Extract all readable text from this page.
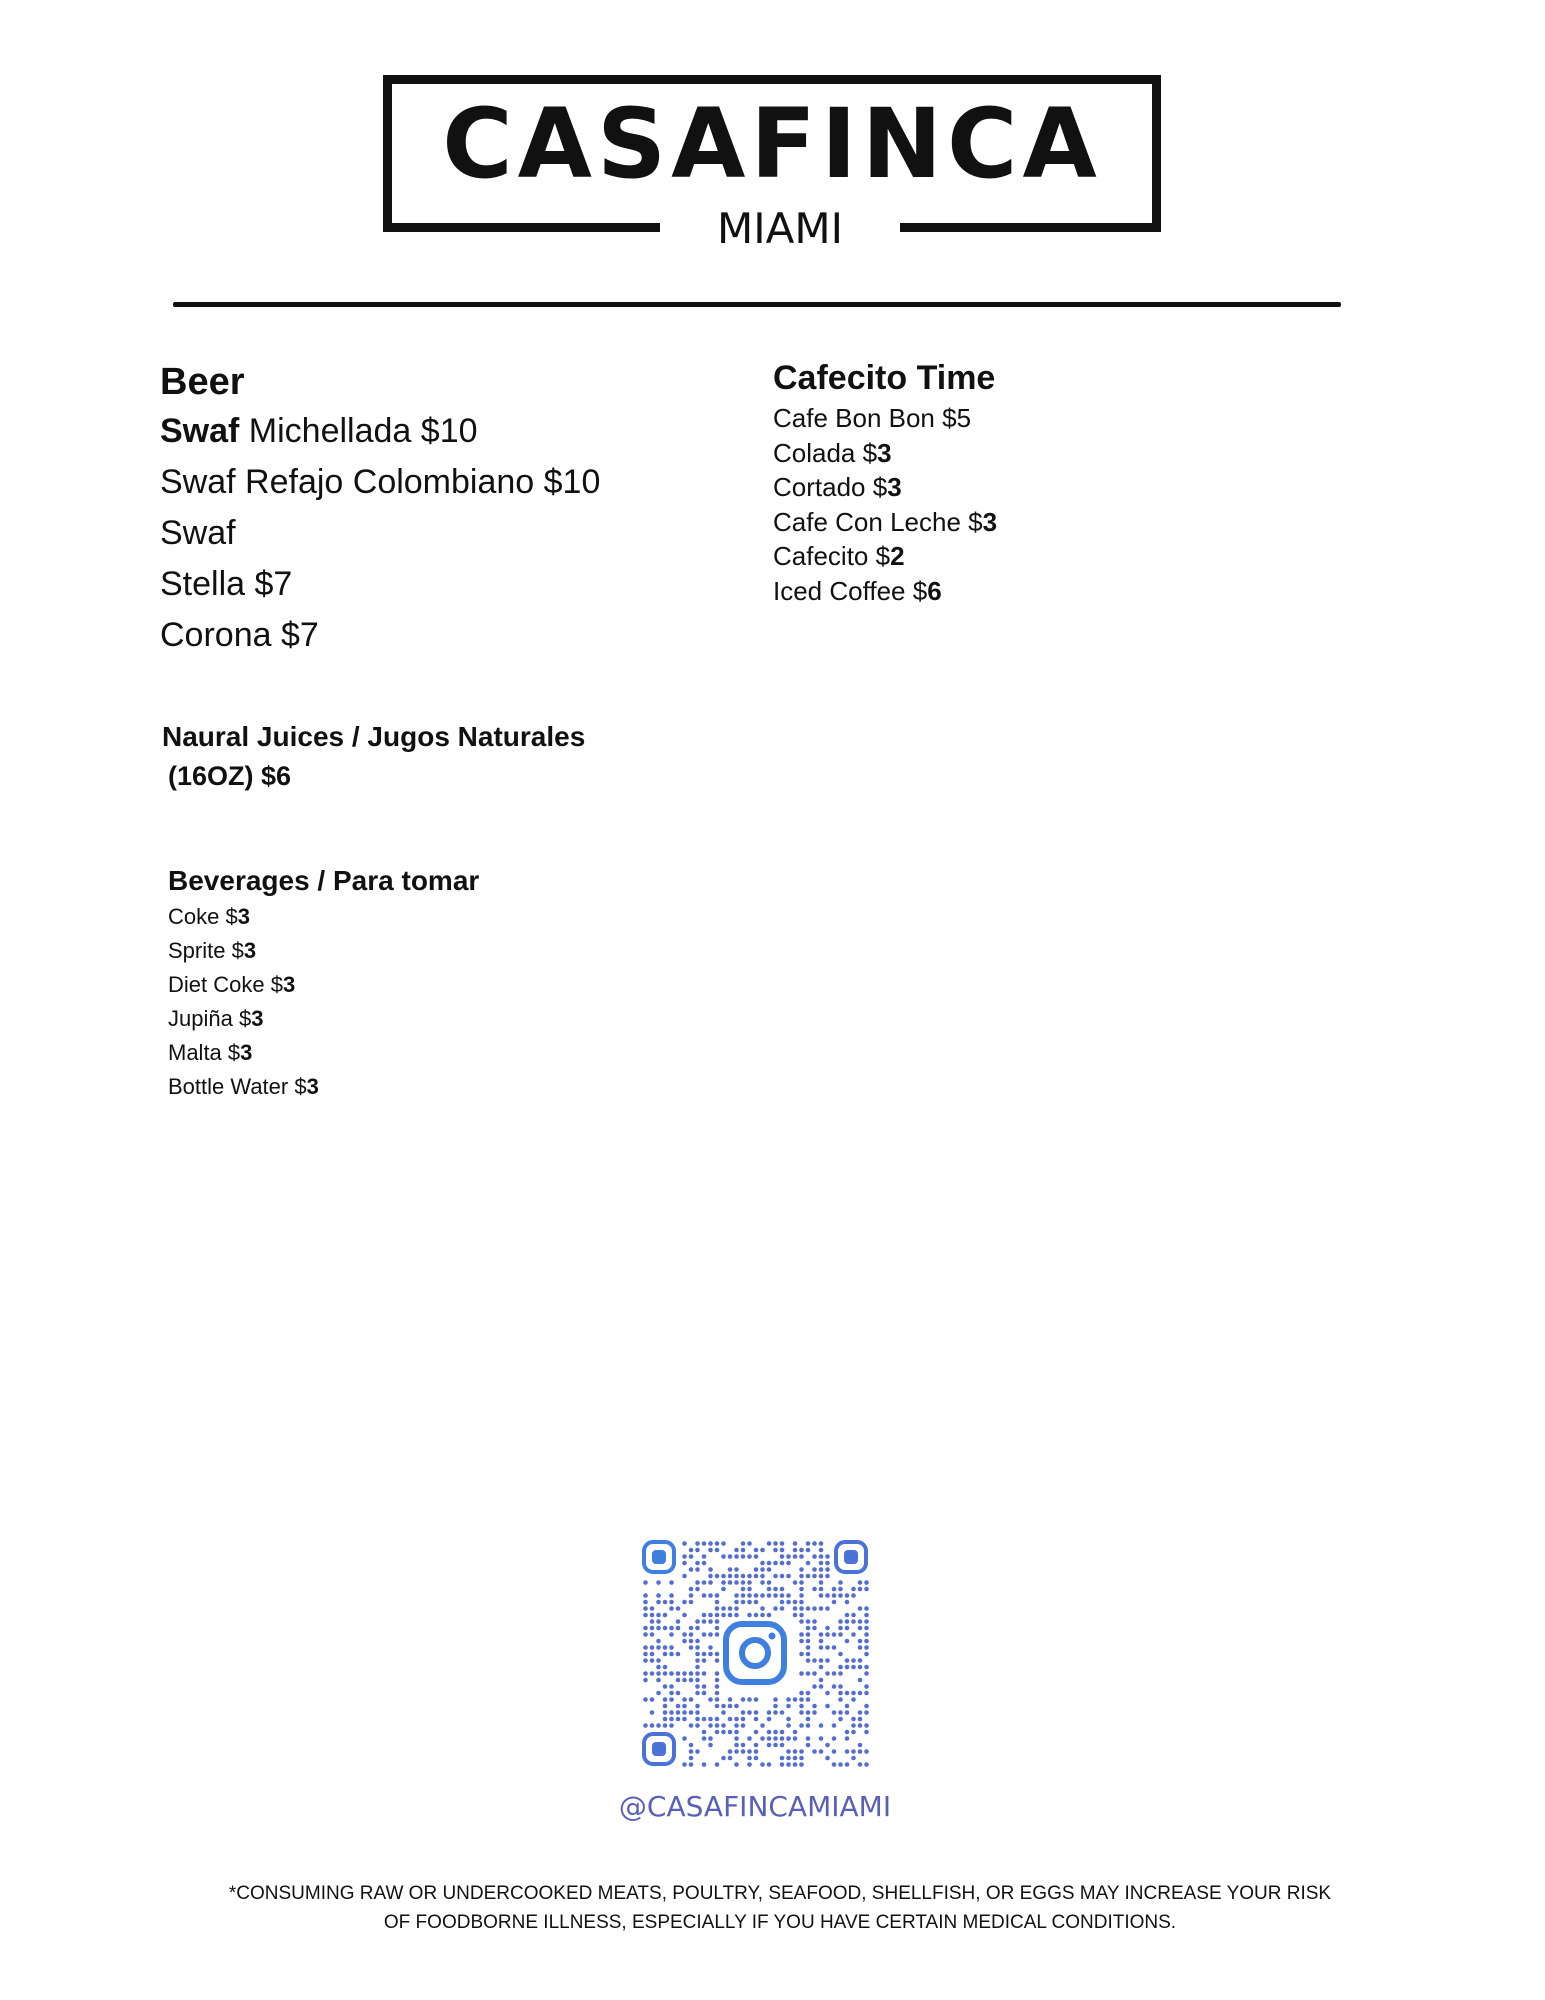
CASAFINCA
MIAMI
Beer
Swaf Michellada $10
Swaf Refajo Colombiano $10
Swaf
Stella $7
Corona $7
Naural Juices / Jugos Naturales
(16OZ) $6
Beverages / Para tomar
Coke $3
Sprite $3
Diet Coke $3
Jupiña $3
Malta $3
Bottle Water $3
Cafecito Time
Cafe Bon Bon $5
Colada $3
Cortado $3
Cafe Con Leche $3
Cafecito $2
Iced Coffee $6
@CASAFINCAMIAMI
*CONSUMING RAW OR UNDERCOOKED MEATS, POULTRY, SEAFOOD, SHELLFISH, OR EGGS MAY INCREASE YOUR RISK
OF FOODBORNE ILLNESS, ESPECIALLY IF YOU HAVE CERTAIN MEDICAL CONDITIONS.
